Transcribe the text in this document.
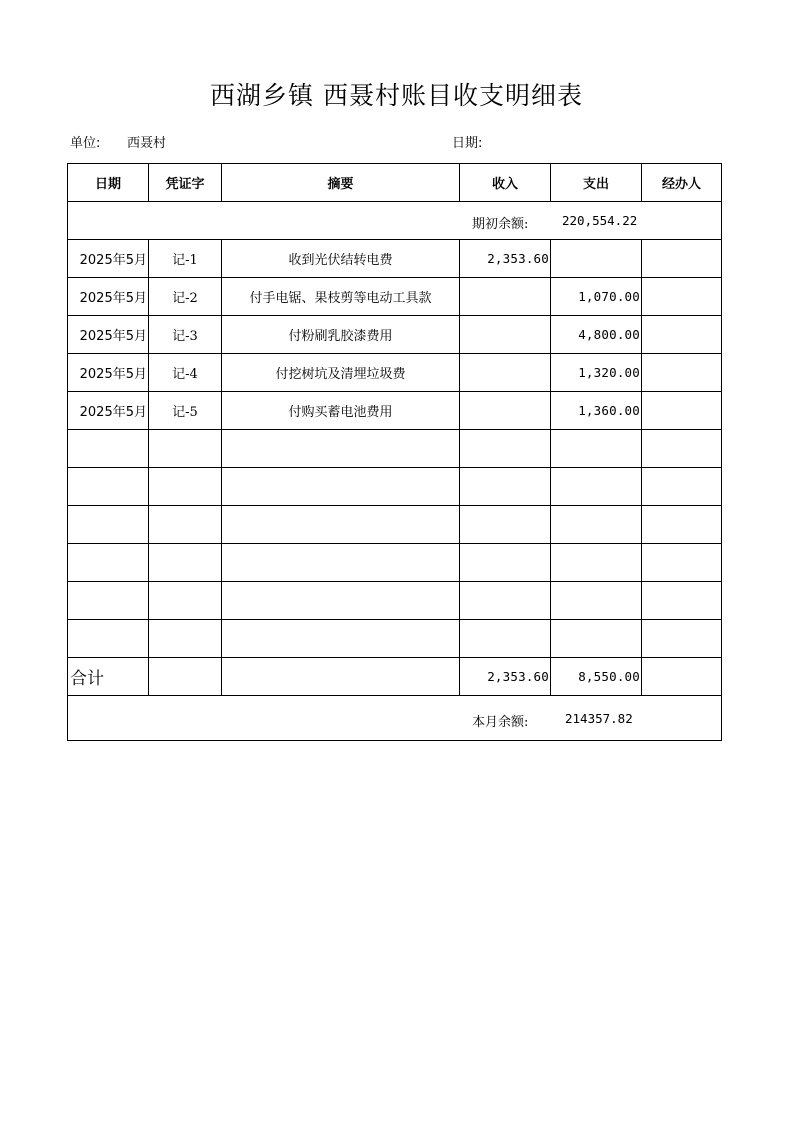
西湖乡镇 西聂村账目收支明细表
单位: 西聂村	日期:
日期	凭证字	摘要	收入	支出	经办人

期初余额: 220,554.22					

2025年5月	记-1	收到光伏结转电费	2,353.60		
2025年5月	记-2	付手电锯、果枝剪等电动工具款		1,070.00	
2025年5月	记-3	付粉刷乳胶漆费用		4,800.00	
2025年5月	记-4	付挖树坑及清埋垃圾费		1,320.00	
2025年5月	记-5	付购买蓄电池费用		1,360.00	

合计			2,353.60	8,550.00	

本月余额: 214357.82					
